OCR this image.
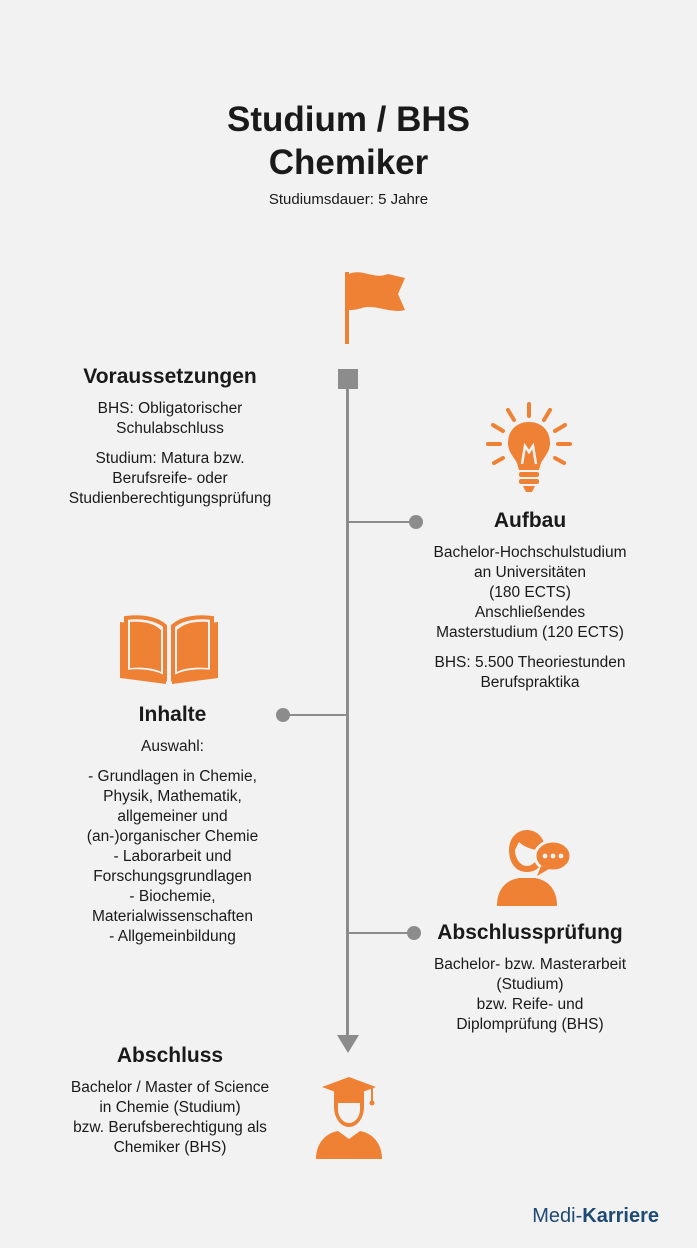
Studium / BHS
Chemiker
Studiumsdauer: 5 Jahre
Voraussetzungen
BHS: Obligatorischer
Schulabschluss
Studium: Matura bzw.
Berufsreife- oder
Studienberechtigungsprüfung
Aufbau
Bachelor-Hochschulstudium
an Universitäten
(180 ECTS)
Anschließendes
Masterstudium (120 ECTS)
BHS: 5.500 Theoriestunden
Berufspraktika
Inhalte
Auswahl:
- Grundlagen in Chemie,
Physik, Mathematik,
allgemeiner und
(an-)organischer Chemie
- Laborarbeit und
Forschungsgrundlagen
- Biochemie,
Materialwissenschaften
- Allgemeinbildung	Abschlussprüfung
Bachelor- bzw. Masterarbeit
(Studium)
bzw. Reife- und
Diplomprüfung (BHS)
Abschluss
Bachelor / Master of Science
in Chemie (Studium)
bzw. Berufsberechtigung als
Chemiker (BHS)
Medi-Karriere
